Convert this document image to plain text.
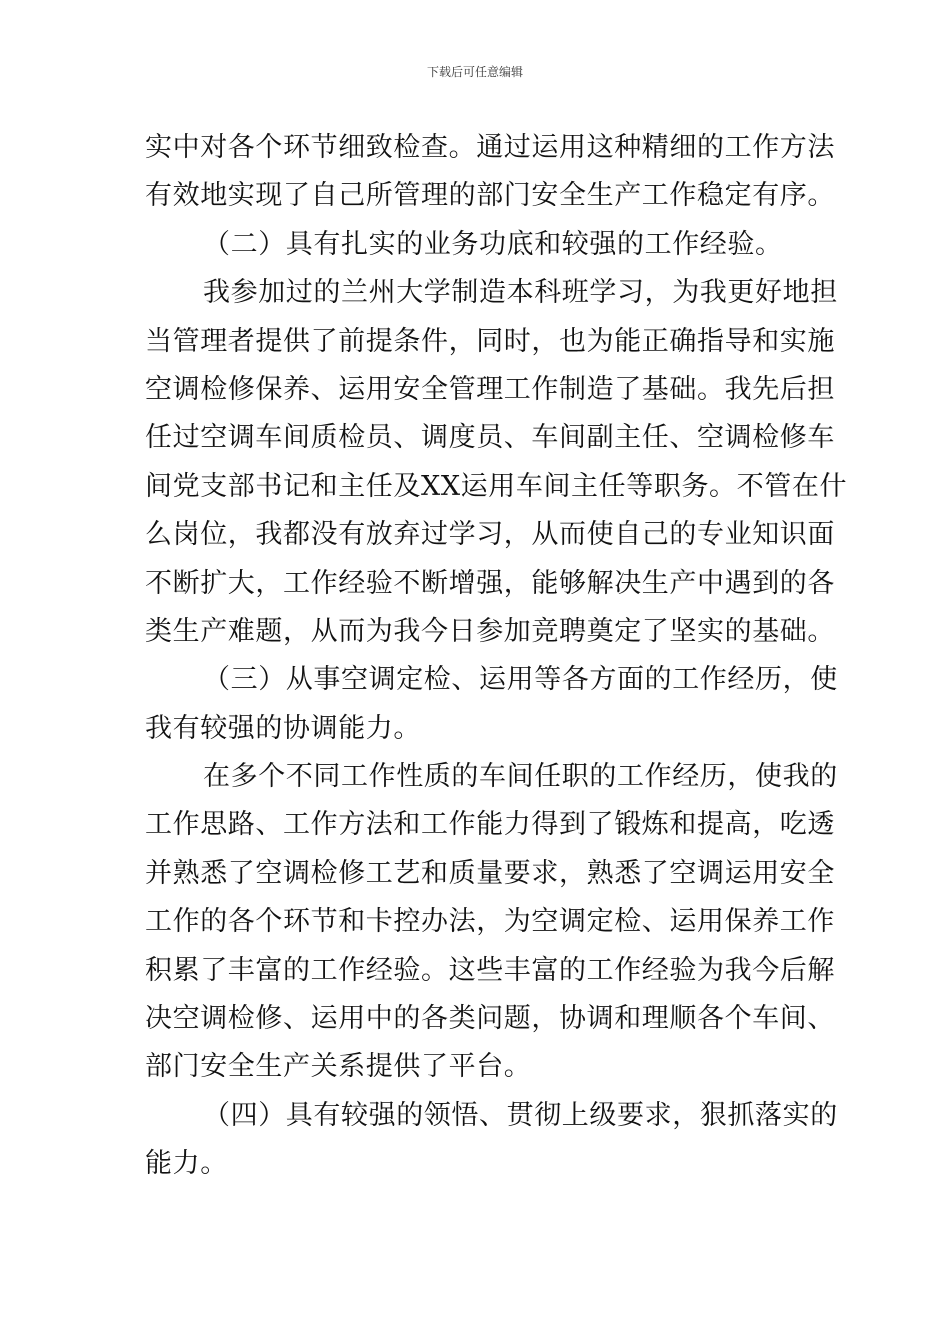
下载后可任意编辑
实中对各个环节细致检查。通过运用这种精细的工作方法
有效地实现了自己所管理的部门安全生产工作稳定有序。
（二）具有扎实的业务功底和较强的工作经验。
我参加过的兰州大学制造本科班学习，为我更好地担
当管理者提供了前提条件，同时，也为能正确指导和实施
空调检修保养、运用安全管理工作制造了基础。我先后担
任过空调车间质检员、调度员、车间副主任、空调检修车
间党支部书记和主任及XX运用车间主任等职务。不管在什
么岗位，我都没有放弃过学习，从而使自己的专业知识面
不断扩大，工作经验不断增强，能够解决生产中遇到的各
类生产难题，从而为我今日参加竞聘奠定了坚实的基础。
（三）从事空调定检、运用等各方面的工作经历，使
我有较强的协调能力。
在多个不同工作性质的车间任职的工作经历，使我的
工作思路、工作方法和工作能力得到了锻炼和提高，吃透
并熟悉了空调检修工艺和质量要求，熟悉了空调运用安全
工作的各个环节和卡控办法，为空调定检、运用保养工作
积累了丰富的工作经验。这些丰富的工作经验为我今后解
决空调检修、运用中的各类问题，协调和理顺各个车间、
部门安全生产关系提供了平台。
（四）具有较强的领悟、贯彻上级要求，狠抓落实的
能力。
